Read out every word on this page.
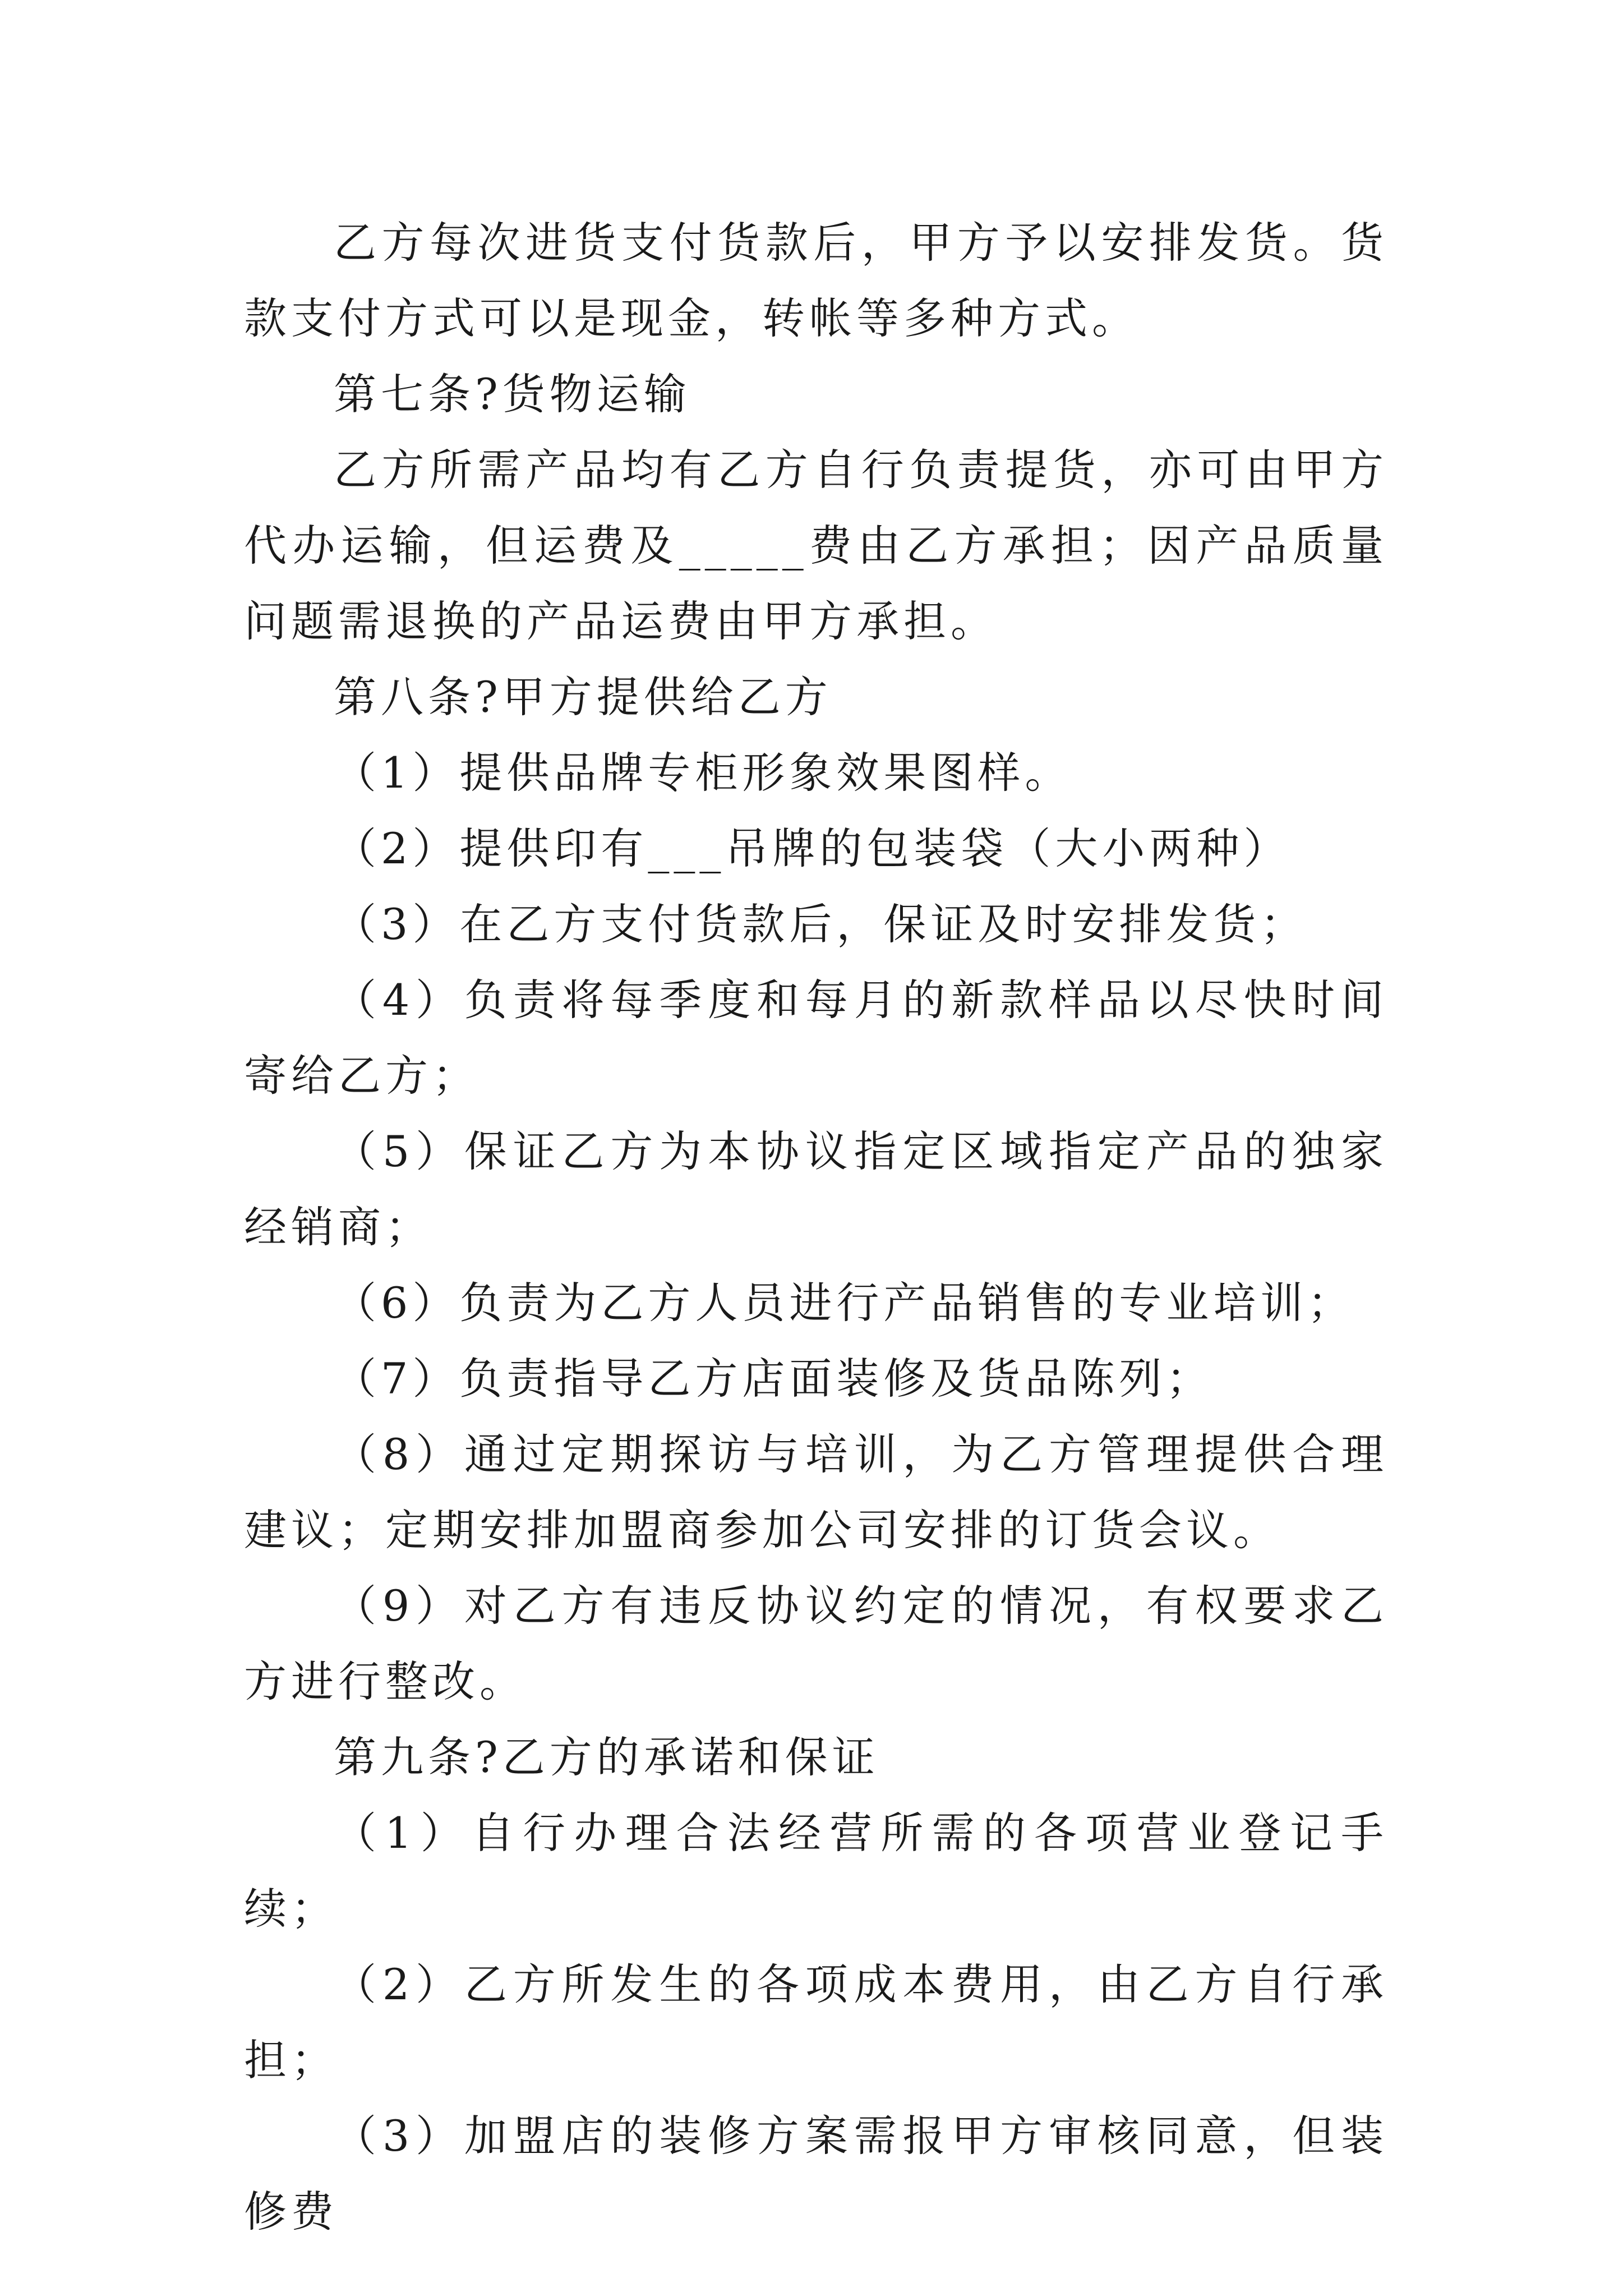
乙方每次进货支付货款后，甲方予以安排发货。货款支付方式可以是现金，转帐等多种方式。

第七条?货物运输

乙方所需产品均有乙方自行负责提货，亦可由甲方代办运输，但运费及_____费由乙方承担；因产品质量问题需退换的产品运费由甲方承担。

第八条?甲方提供给乙方

（1）提供品牌专柜形象效果图样。

（2）提供印有___吊牌的包装袋（大小两种）

（3）在乙方支付货款后，保证及时安排发货；

（4）负责将每季度和每月的新款样品以尽快时间寄给乙方；

（5）保证乙方为本协议指定区域指定产品的独家经销商；

（6）负责为乙方人员进行产品销售的专业培训；

（7）负责指导乙方店面装修及货品陈列；

（8）通过定期探访与培训，为乙方管理提供合理建议；定期安排加盟商参加公司安排的订货会议。

（9）对乙方有违反协议约定的情况，有权要求乙方进行整改。

第九条?乙方的承诺和保证

（1）自行办理合法经营所需的各项营业登记手续；

（2）乙方所发生的各项成本费用，由乙方自行承担；

（3）加盟店的装修方案需报甲方审核同意，但装修费
